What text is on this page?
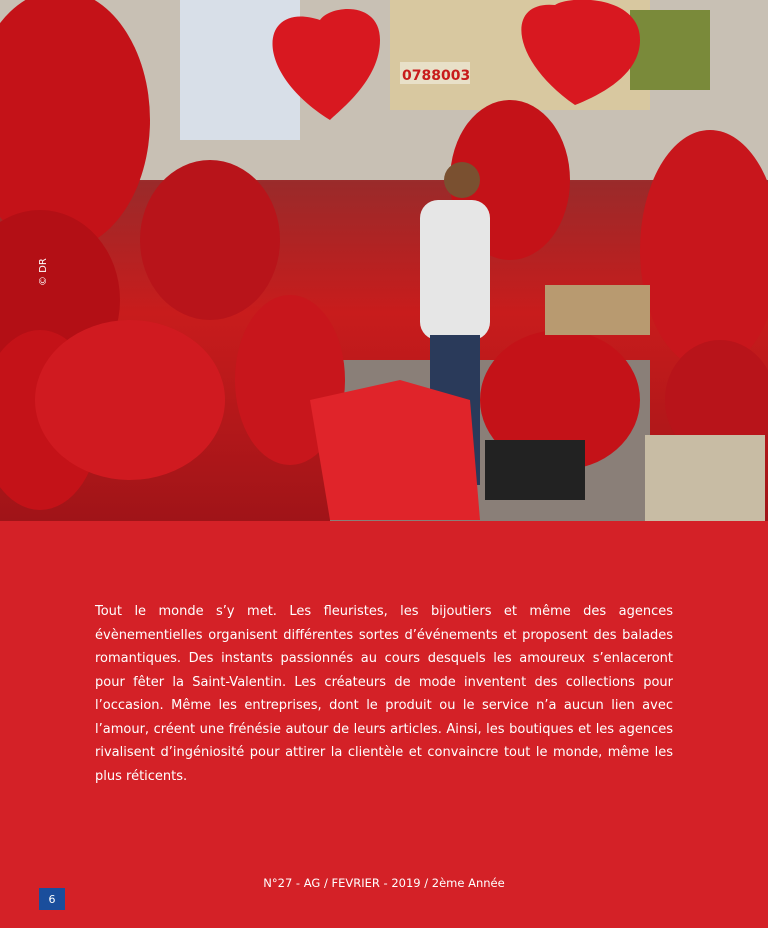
0788003
© DR

Tout le monde s’y met. Les fleuristes, les bijoutiers et même des agences évènementielles organisent différentes sortes d’événements et proposent des balades romantiques. Des instants passionnés au cours desquels les amoureux s’enlaceront pour fêter la Saint-Valentin. Les créateurs de mode inventent des collections pour l’occasion. Même les entreprises, dont le produit ou le service n’a aucun lien avec l’amour, créent une frénésie autour de leurs articles. Ainsi, les boutiques et les agences rivalisent d’ingéniosité pour attirer la clientèle et convaincre tout le monde, même les plus réticents.

N°27 - AG / FEVRIER - 2019 / 2ème Année
6
